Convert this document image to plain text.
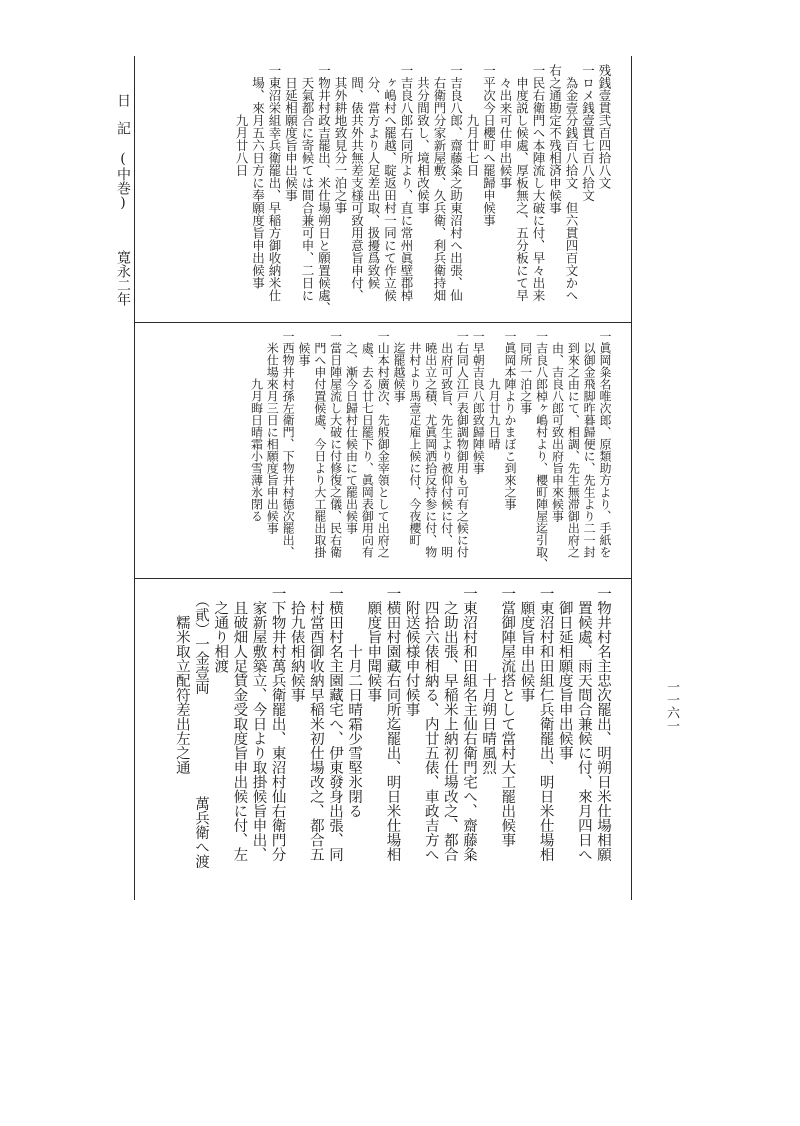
日　記 (中巻)
寛永二年
一一六一
残銭壹貫弐百四拾八文
一ロメ銭壹貫七百八拾文
　為金壹分銭百八拾文　但六貫四百文かへ
右之通勘定不残相済申候事
一民右衛門へ本陣流し大破に付、早々出来
　申度説し候處、厚板無之、五分板にて早
　々出来可仕申出候事
一平次今日櫻町へ罷歸申候事
　　　　九月廿七日
一吉良八郎、齋藤粂之助東沼村へ出張、仙
　右衛門分家新屋敷、久兵衛、利兵衛持畑
　共分間致し、境相改候事
一吉良八郎右同所より、直に常州眞壁郡棹
　ヶ嶋村へ罷越、聢返田村一同にて作立候
　分、當方より人足差出取、扱擾爲致候
　間、俵共外共無差支様可致用意旨申付、
　其外耕地致見分一泊之事
一物井村政吉罷出、米仕場朔日と願置候處、
　天氣都合に寄候ては間合兼可申、二日に
　日延相願度旨申出候事
一東沼栄組幸兵衛罷出、早稲方御收納米仕
　場、來月五六日方に奉願度旨申出候事
　　　　九月廿八日
一眞岡粂名唯次郎、原類助方より、手紙を
　以御金飛脚昨暮歸便に、先生より二一封
　到來之由にて、相調、先生無滞御出府之
　由、吉良八郎可致出府旨申來候事
一吉良八郎棹ヶ嶋村より、櫻町陣屋迄引取、
　同所一泊之事
一眞岡本陣よりかまぼこ到來之事
　　　　九月廿九日晴
一早朝吉良八郎致歸陣候事
一右同人江戸表御調物御用も可有之候に付
　出府可致旨、先生より被仰付候に付、明
　曉出立之積、尤眞岡洒拾反持参に付、物
　井村より馬壹疋雇上候に付、今夜櫻町
　迄罷越候事
一山本村廣次、先般御金宰領として出府之
　處、去る廿七日罷下り、眞岡表御用向有
　之、漸今日歸村仕候由にて罷出候事
一當日陣屋流し大破に付修復之儀、民右衛
　門へ申付置候處、今日より大工罷出取掛
　候事
一西物井村孫左衛門、下物井村德次罷出、
　米仕場來月三日に相願度旨申出候事
　　　　九月晦日晴霜小雪薄氷閉る
一物井村名主忠次罷出、明朔日米仕場相願
　置候處、雨天間合兼候に付、來月四日へ
　御日延相願度旨申出候事
一東沼村和田組仁兵衛罷出、明日米仕場相
　願度旨申出候事
一當御陣屋流搭として當村大工罷出候事
　　　　　　十月朔日晴風烈
一東沼村和田組名主仙右衛門宅へ、齋藤粂
　之助出張、早稲米上納初仕場改之、都合
　四拾六俵相納る、内廿五俵、車政吉方へ
　附送候様申付候事
一横田村園藏右同所迄罷出、明日米仕場相
　願度旨申聞候事
　　　　十月二日晴霜少雪堅氷閉る
一横田村名主園藏宅へ、伊東發身出張、同
　村當酉御收納早稲米初仕場改之、都合五
　拾九俵相納候事
一下物井村萬兵衛罷出、東沼村仙右衛門分
　家新屋敷築立、今日より取掛候旨申出、
　且破畑人足賃金受取度旨申出候に付、左
　之通り相渡
　（貮）一金壹両　　　　　　　萬兵衛へ渡
　　糯米取立配符差出左之通
